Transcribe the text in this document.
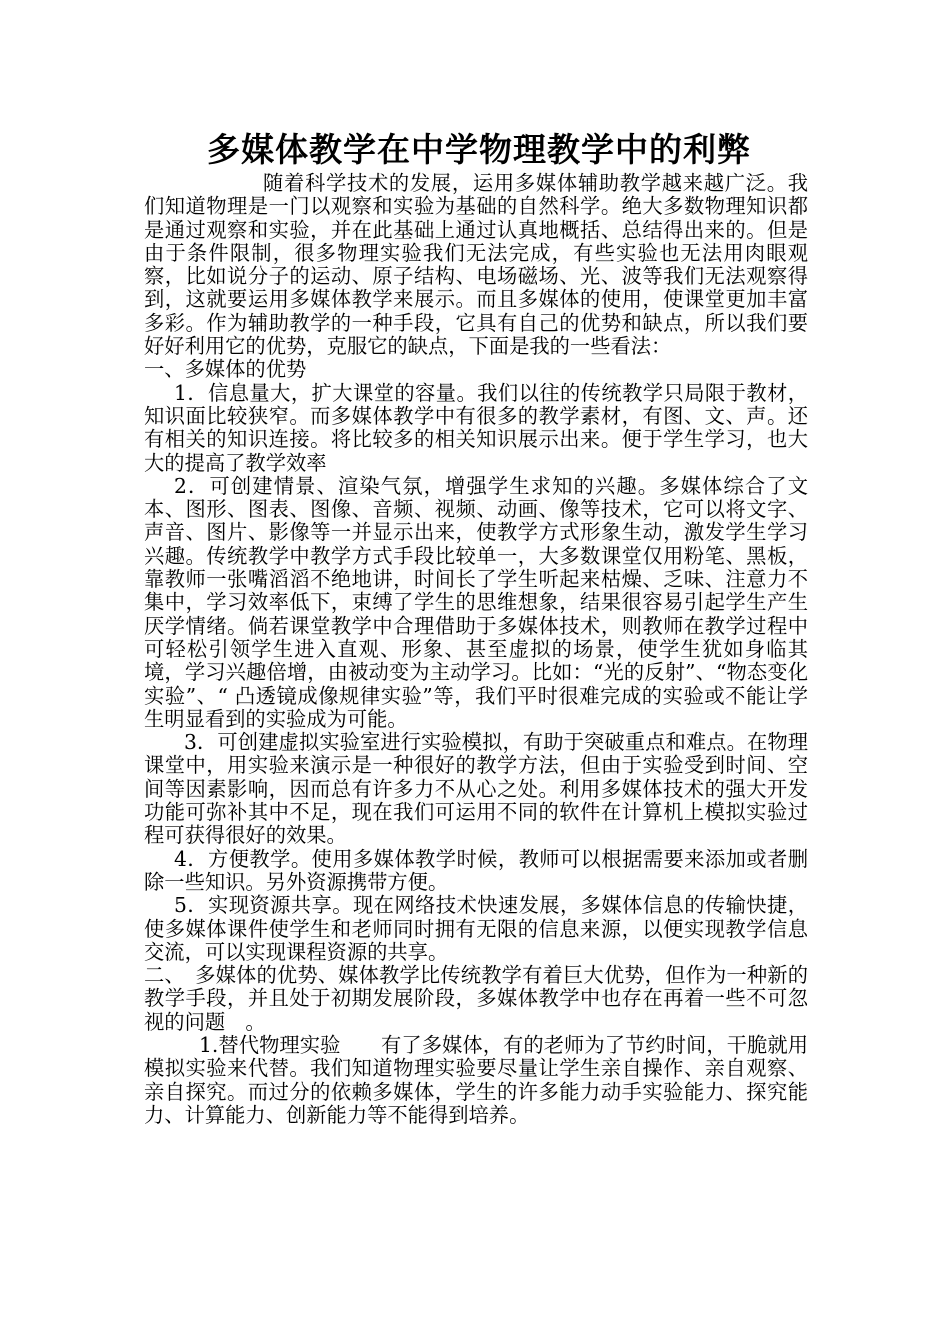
多媒体教学在中学物理教学中的利弊

随着科学技术的发展，运用多媒体辅助教学越来越广泛。我们知道物理是一门以观察和实验为基础的自然科学。绝大多数物理知识都是通过观察和实验，并在此基础上通过认真地概括、总结得出来的。但是由于条件限制，很多物理实验我们无法完成，有些实验也无法用肉眼观察，比如说分子的运动、原子结构、电场磁场、光、波等我们无法观察得到，这就要运用多媒体教学来展示。而且多媒体的使用，使课堂更加丰富多彩。作为辅助教学的一种手段，它具有自己的优势和缺点，所以我们要好好利用它的优势，克服它的缺点，下面是我的一些看法：

一、多媒体的优势

1．信息量大，扩大课堂的容量。我们以往的传统教学只局限于教材，知识面比较狭窄。而多媒体教学中有很多的教学素材，有图、文、声。还有相关的知识连接。将比较多的相关知识展示出来。便于学生学习，也大大的提高了教学效率

2．可创建情景、渲染气氛，增强学生求知的兴趣。多媒体综合了文本、图形、图表、图像、音频、视频、动画、像等技术，它可以将文字、声音、图片、影像等一并显示出来，使教学方式形象生动，激发学生学习兴趣。传统教学中教学方式手段比较单一，大多数课堂仅用粉笔、黑板，靠教师一张嘴滔滔不绝地讲，时间长了学生听起来枯燥、乏味、注意力不集中，学习效率低下，束缚了学生的思维想象，结果很容易引起学生产生厌学情绪。倘若课堂教学中合理借助于多媒体技术，则教师在教学过程中可轻松引领学生进入直观、形象、甚至虚拟的场景，使学生犹如身临其境，学习兴趣倍增，由被动变为主动学习。比如：“光的反射”、“物态变化实验”、“ 凸透镜成像规律实验”等，我们平时很难完成的实验或不能让学生明显看到的实验成为可能。

3．可创建虚拟实验室进行实验模拟，有助于突破重点和难点。在物理课堂中，用实验来演示是一种很好的教学方法，但由于实验受到时间、空间等因素影响，因而总有许多力不从心之处。利用多媒体技术的强大开发功能可弥补其中不足，现在我们可运用不同的软件在计算机上模拟实验过程可获得很好的效果。

4．方便教学。使用多媒体教学时候，教师可以根据需要来添加或者删除一些知识。另外资源携带方便。

5．实现资源共享。现在网络技术快速发展，多媒体信息的传输快捷，使多媒体课件使学生和老师同时拥有无限的信息来源，以便实现教学信息交流，可以实现课程资源的共享。

二、　多媒体的优势、媒体教学比传统教学有着巨大优势，但作为一种新的教学手段，并且处于初期发展阶段，多媒体教学中也存在再着一些不可忽视的问题　。

1.替代物理实验　　有了多媒体，有的老师为了节约时间，干脆就用模拟实验来代替。我们知道物理实验要尽量让学生亲自操作、亲自观察、亲自探究。而过分的依赖多媒体，学生的许多能力动手实验能力、探究能力、计算能力、创新能力等不能得到培养。
